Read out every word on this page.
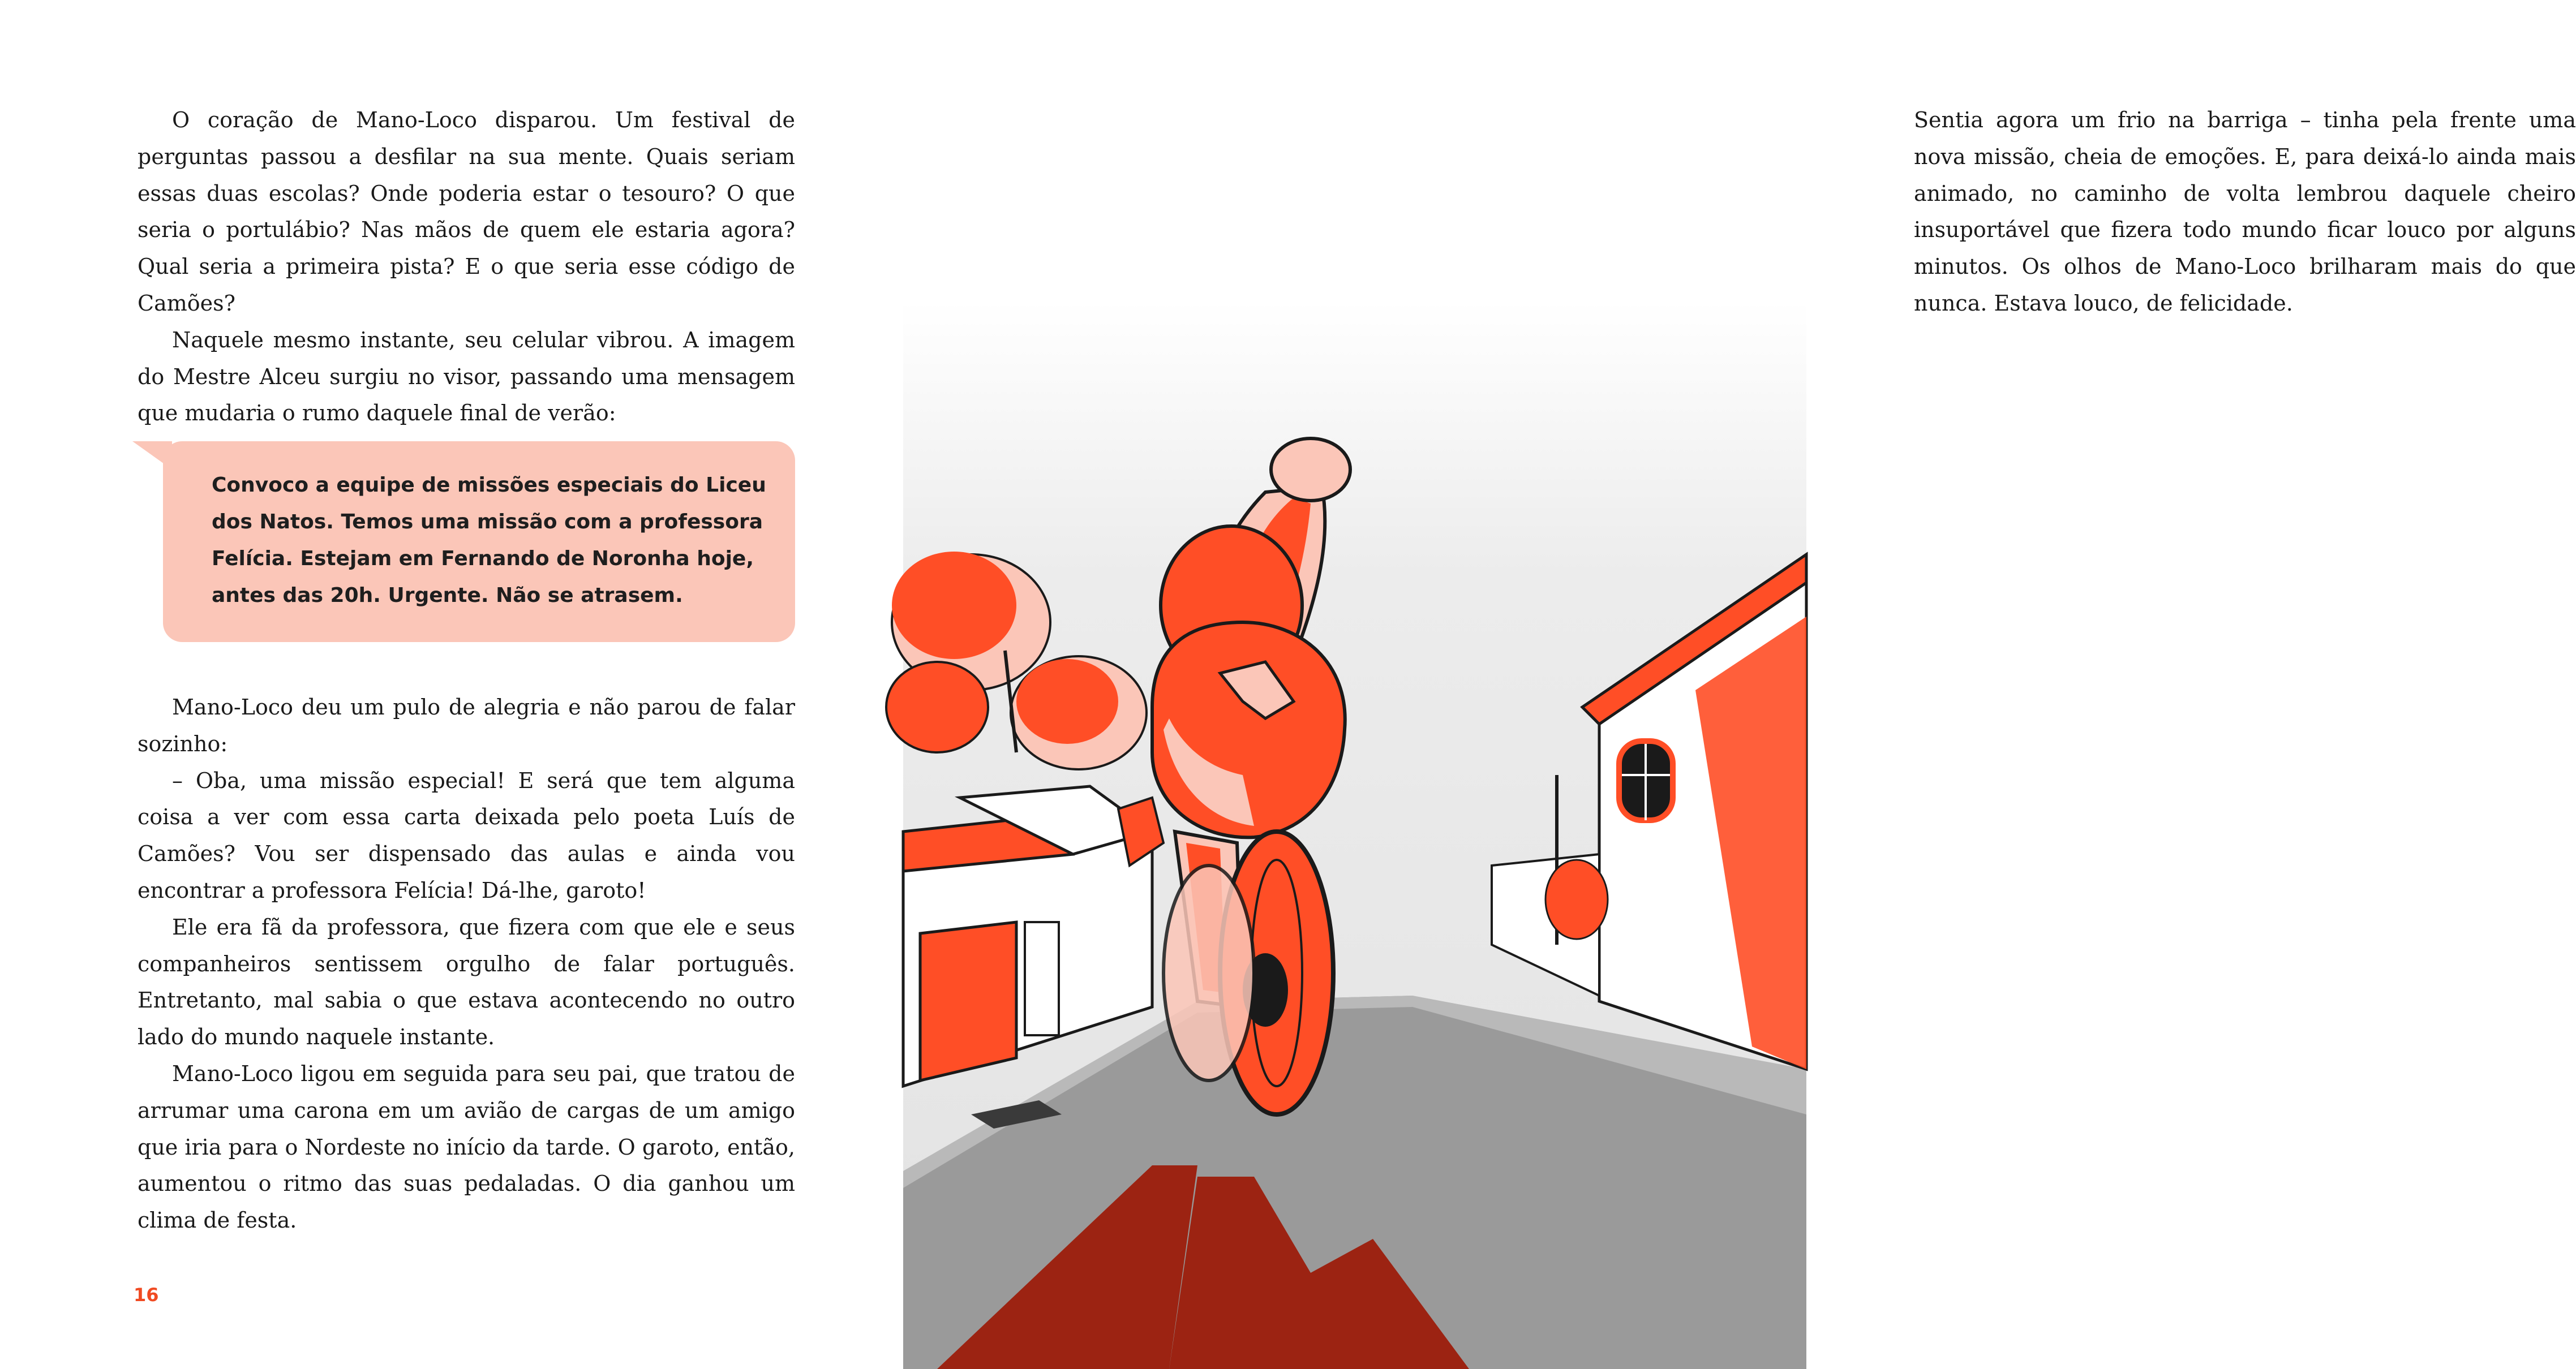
O coração de Mano-Loco disparou. Um festival de perguntas passou a desfilar na sua mente. Quais seriam essas duas escolas? Onde poderia estar o tesouro? O que seria o portulábio? Nas mãos de quem ele estaria agora? Qual seria a primeira pista? E o que seria esse código de Camões?

Naquele mesmo instante, seu celular vibrou. A imagem do Mestre Alceu surgiu no visor, passando uma mensagem que mudaria o rumo daquele final de verão:

Convoco a equipe de missões especiais do Liceu
dos Natos. Temos uma missão com a professora
Felícia. Estejam em Fernando de Noronha hoje,
antes das 20h. Urgente. Não se atrasem.

Mano-Loco deu um pulo de alegria e não parou de falar sozinho:

– Oba, uma missão especial! E será que tem alguma coisa a ver com essa carta deixada pelo poeta Luís de Camões? Vou ser dispensado das aulas e ainda vou encontrar a professora Felícia! Dá-lhe, garoto!

Ele era fã da professora, que fizera com que ele e seus companheiros sentissem orgulho de falar português. Entretanto, mal sabia o que estava acontecendo no outro lado do mundo naquele instante.

Mano-Loco ligou em seguida para seu pai, que tratou de arrumar uma carona em um avião de cargas de um amigo que iria para o Nordeste no início da tarde. O garoto, então, aumentou o ritmo das suas pedaladas. O dia ganhou um clima de festa.

16

Sentia agora um frio na barriga – tinha pela frente uma nova missão, cheia de emoções. E, para deixá-lo ainda mais animado, no caminho de volta lembrou daquele cheiro insuportável que fizera todo mundo ficar louco por alguns minutos. Os olhos de Mano-Loco brilharam mais do que nunca. Estava louco, de felicidade.
